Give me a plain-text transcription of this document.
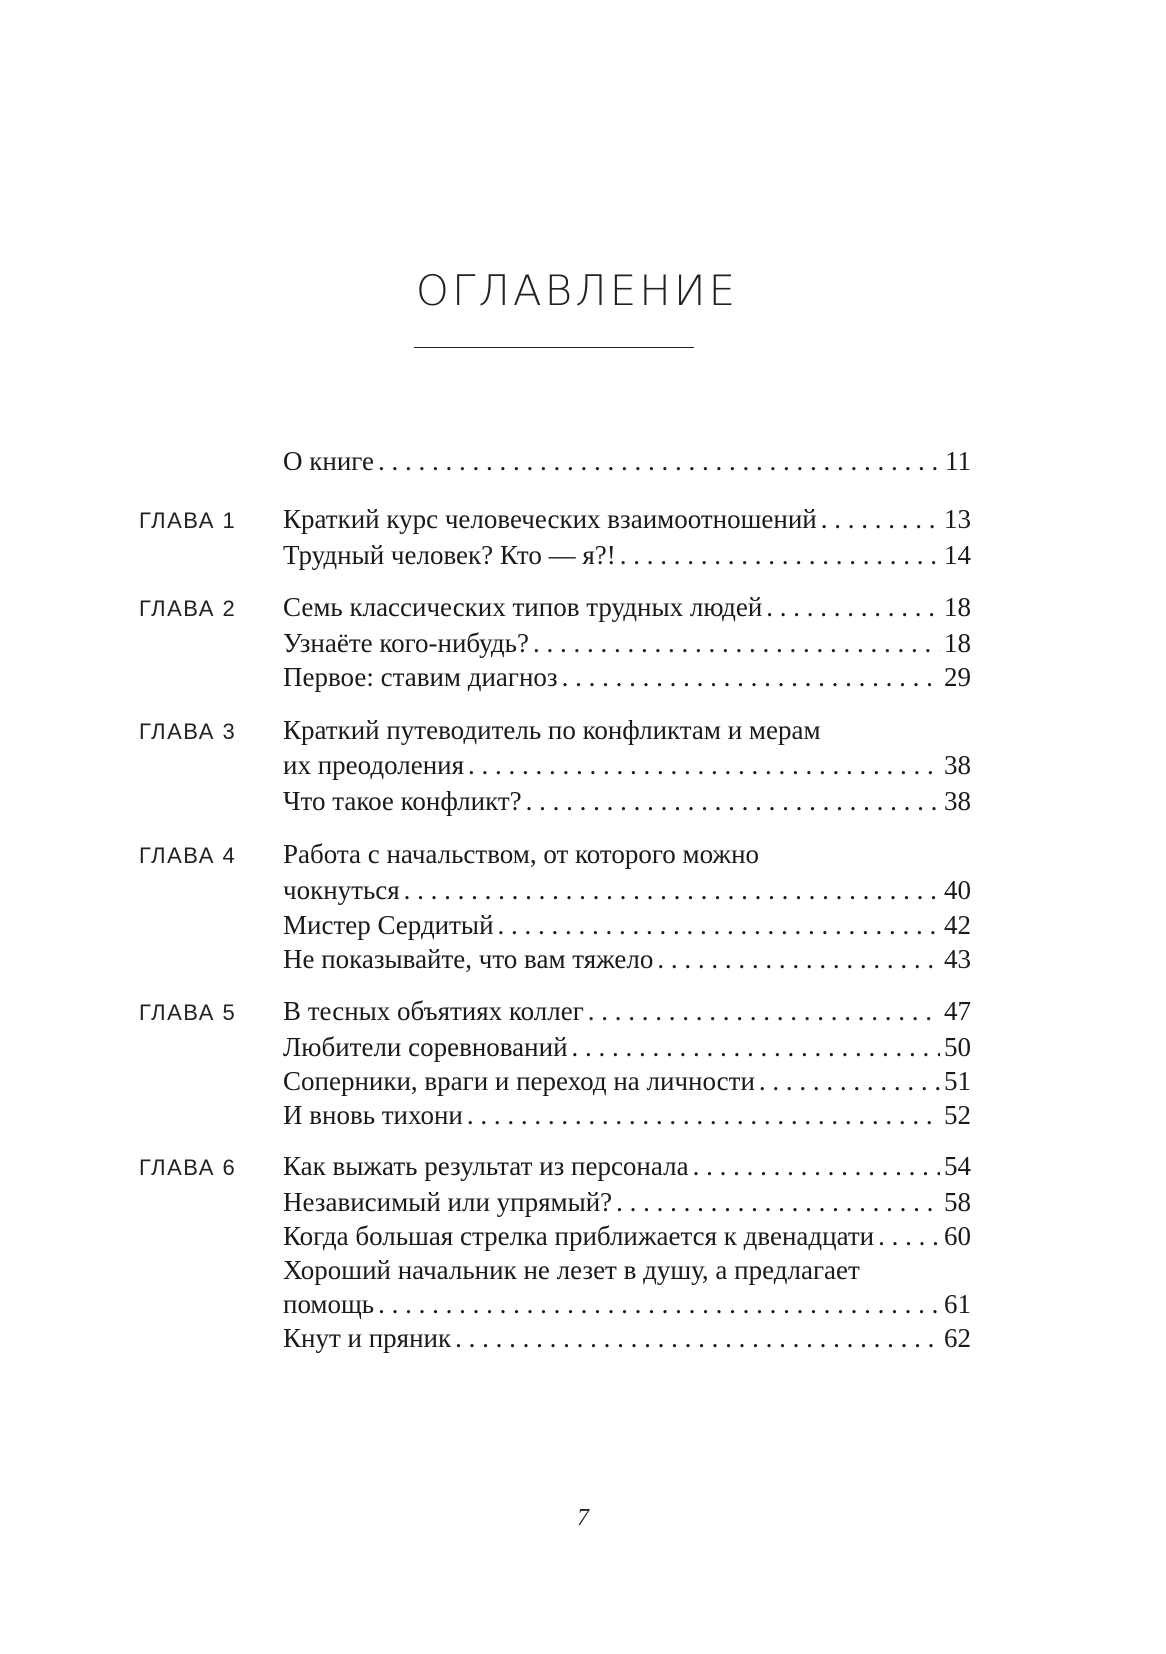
ОГЛАВЛЕНИЕ
О книге . . .	11
ГЛАВА 1 Краткий курс человеческих взаимоотношений . . .	13
Трудный человек? Кто — я?! . . .	14
ГЛАВА 2 Семь классических типов трудных людей . . .	18
Узнаёте кого-нибудь? . . .	18
Первое: ставим диагноз . . .	29
ГЛАВА 3 Краткий путеводитель по конфликтам и мерам
их преодоления . . .	38
Что такое конфликт? . . .	38
ГЛАВА 4 Работа с начальством, от которого можно
чокнуться . . .	40
Мистер Сердитый . . .	42
Не показывайте, что вам тяжело . . .	43
ГЛАВА 5 В тесных объятиях коллег . . .	47
Любители соревнований . . .	50
Соперники, враги и переход на личности . . .	51
И вновь тихони . . .	52
ГЛАВА 6 Как выжать результат из персонала . . .	54
Независимый или упрямый? . . .	58
Когда большая стрелка приближается к двенадцати . . .	60
Хороший начальник не лезет в душу, а предлагает
помощь . . .	61
Кнут и пряник . . .	62
7
